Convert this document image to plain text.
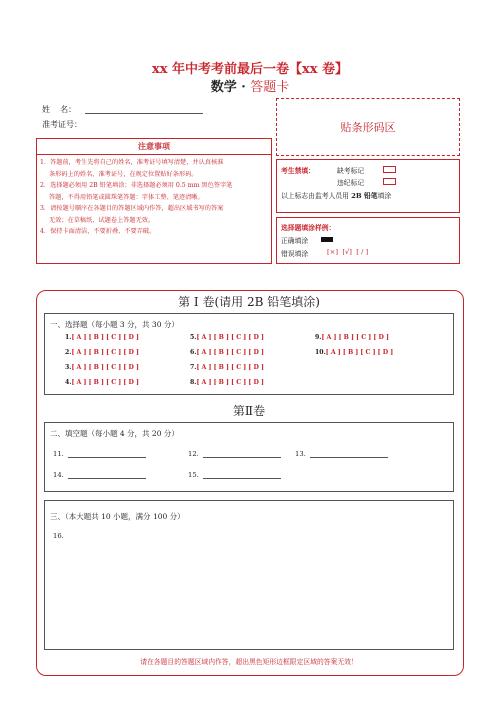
xx 年中考考前最后一卷【xx 卷】
数学 · 答题卡
姓    名：
准考证号：	贴条形码区
注意事项
1．答题前，考生先将自己的姓名，准考证号填写清楚，并认真核准
条形码上的姓名、准考证号，在规定位置贴好条形码。
2．选择题必须用 2B 铅笔填涂；非选择题必须用 0.5 mm 黑色签字笔
答题，不得用铅笔或圆珠笔答题：字体工整、笔迹清晰。
3．请按题号顺序在各题目的答题区域内作答，超出区域书写的答案
无效；在草稿纸、试题卷上答题无效。
4．保持卡面清洁，不要折叠、不要弄破。
考生禁填：	缺考标记
违纪标记
以上标志由监考人员用 2B 铅笔填涂
选择题填涂样例：
正确填涂
错误填涂	[×]  [√]  [ / ]
第 I 卷(请用 2B 铅笔填涂)
一、选择题（每小题 3 分，共 30 分）
1.[ A ] [ B ] [ C ] [ D ]
2.[ A ] [ B ] [ C ] [ D ]
3.[ A ] [ B ] [ C ] [ D ]
4.[ A ] [ B ] [ C ] [ D ]
5.[ A ] [ B ] [ C ] [ D ]
6.[ A ] [ B ] [ C ] [ D ]
7.[ A ] [ B ] [ C ] [ D ]
8.[ A ] [ B ] [ C ] [ D ]
9.[ A ] [ B ] [ C ] [ D ]
10.[ A ] [ B ] [ C ] [ D ]
第Ⅱ卷
二、填空题（每小题 4 分，共 20 分）
11.	12.	13.
14.	15.
三、（本大题共 10 小题，满分 100 分）
16.
请在各题目的答题区域内作答，超出黑色矩形边框限定区域的答案无效！
